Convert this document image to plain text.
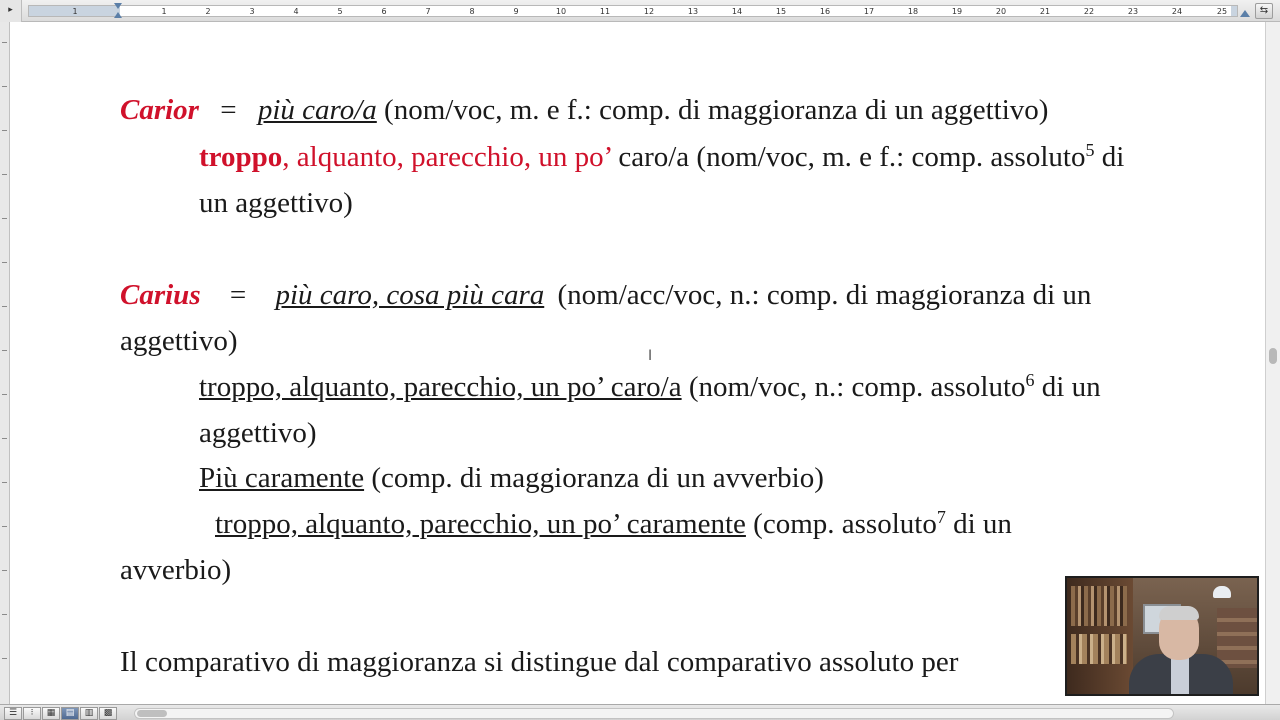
▸	1	1	2	3	4	5	6	7	8	9	10	11	12	13	14	15	16	17	18	19	20	21	22	23	24	25	⇆
Carior = più caro/a (nom/voc, m. e f.: comp. di maggioranza di un aggettivo)
troppo, alquanto, parecchio, un po’ caro/a (nom/voc, m. e f.: comp. assoluto$^5$ di
un aggettivo)
Carius = più caro, cosa più cara (nom/acc/voc, n.: comp. di maggioranza di un
aggettivo)
troppo, alquanto, parecchio, un po’ caro/a (nom/voc, n.: comp. assoluto$^6$ di un
aggettivo)
Più caramente (comp. di maggioranza di un avverbio)
troppo, alquanto, parecchio, un po’ caramente (comp. assoluto$^7$ di un
avverbio)
Il comparativo di maggioranza si distingue dal comparativo assoluto per
I
☰	⁝	▦	▤	▥	▩
